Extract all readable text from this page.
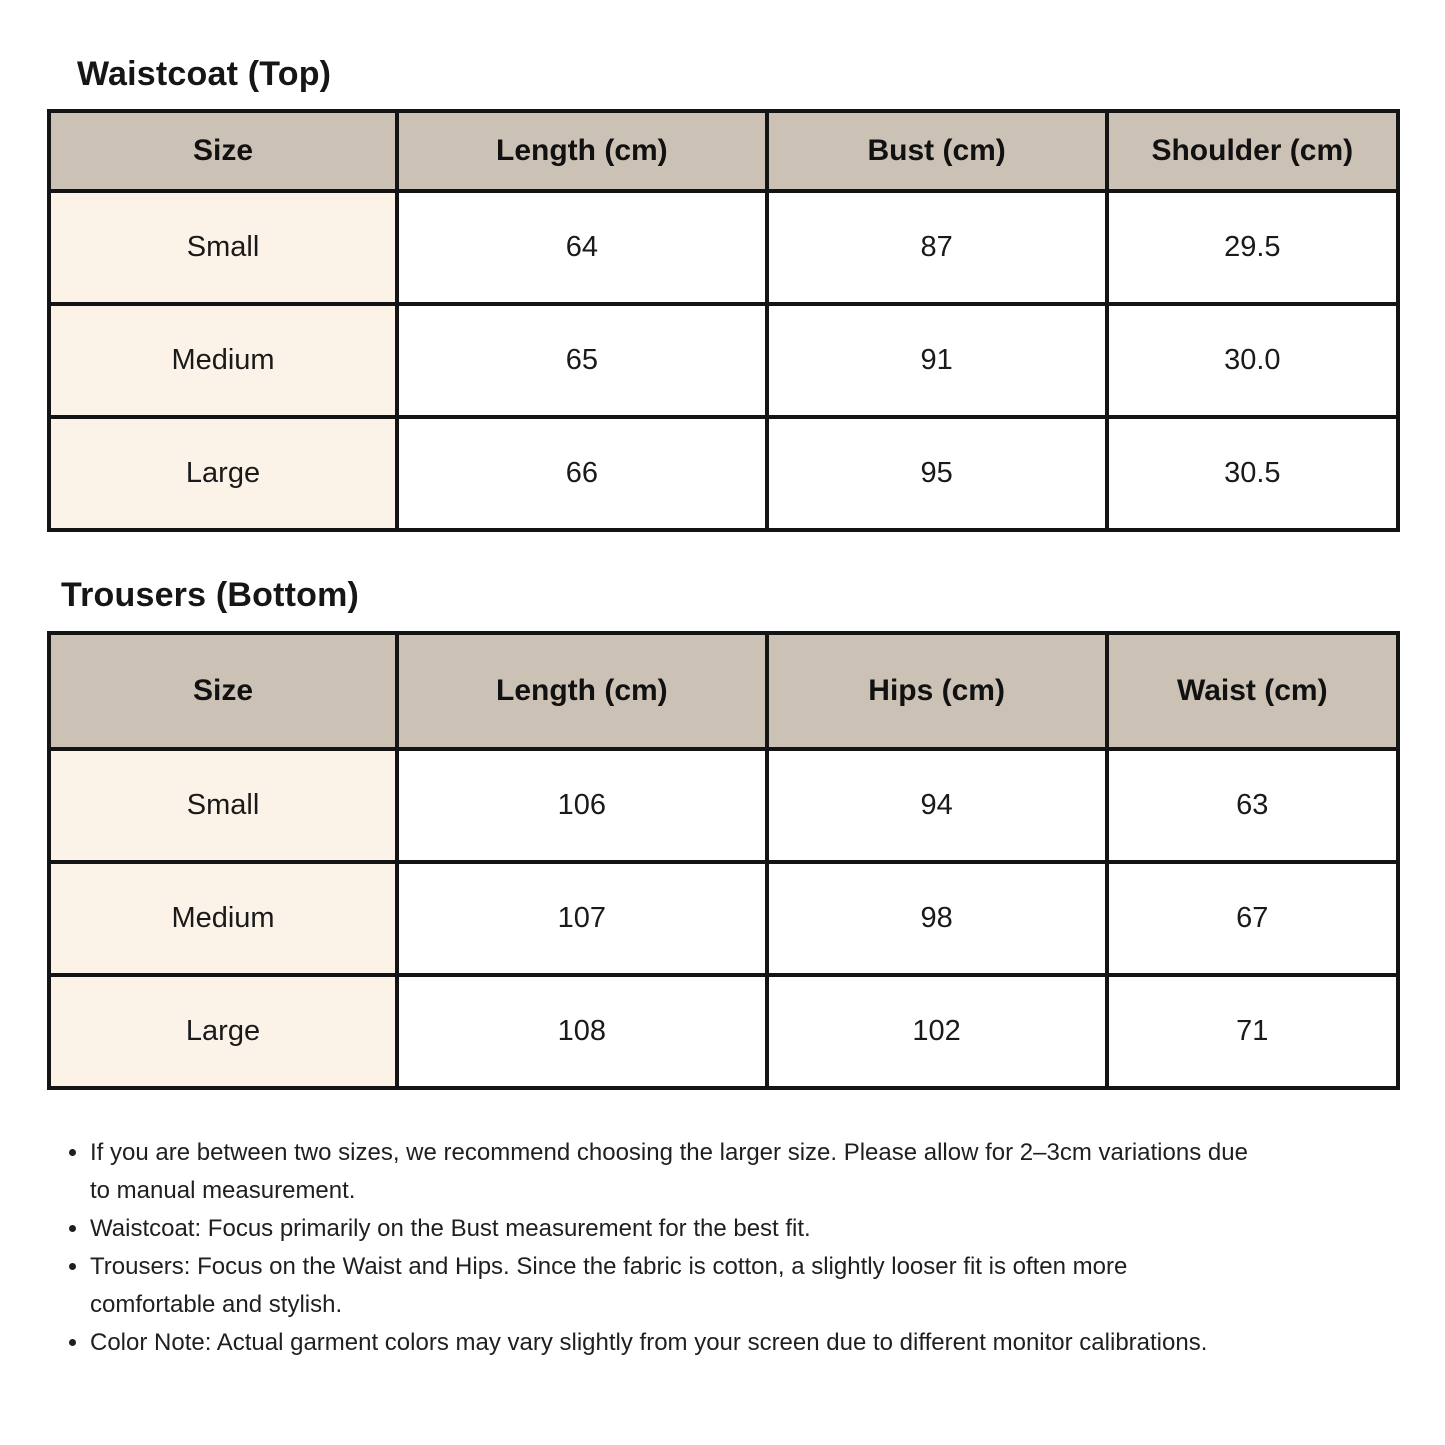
Waistcoat (Top)
Size	Length (cm)	Bust (cm)	Shoulder (cm)
Small	64	87	29.5
Medium	65	91	30.0
Large	66	95	30.5
Trousers (Bottom)
Size	Length (cm)	Hips (cm)	Waist (cm)
Small	106	94	63
Medium	107	98	67
Large	108	102	71
• If you are between two sizes, we recommend choosing the larger size. Please allow for 2–3cm variations due to manual measurement.
• Waistcoat: Focus primarily on the Bust measurement for the best fit.
• Trousers: Focus on the Waist and Hips. Since the fabric is cotton, a slightly looser fit is often more comfortable and stylish.
• Color Note: Actual garment colors may vary slightly from your screen due to different monitor calibrations.
